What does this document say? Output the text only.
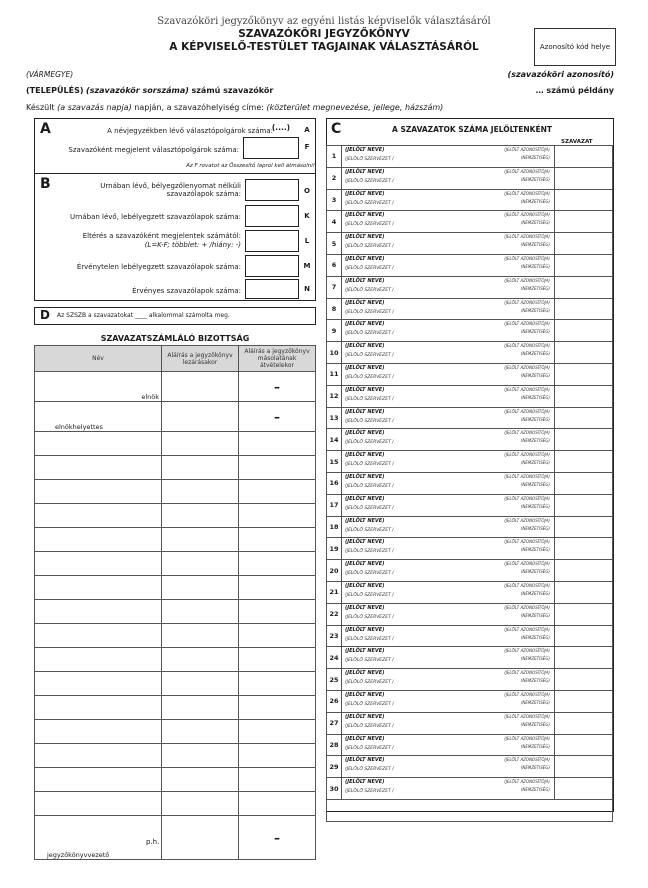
Szavazóköri jegyzőkönyv az egyéni listás képviselők választásáról
SZAVAZÓKÖRI JEGYZŐKÖNYV
A KÉPVISELŐ-TESTÜLET TAGJAINAK VÁLASZTÁSÁRÓL	Azonosító kód helye
(VÁRMEGYE)	(szavazóköri azonosító)
(TELEPÜLÉS) (szavazókör sorszáma) számú szavazókör	… számú példány
Készült (a szavazás napja) napján, a szavazóhelyiség címe: (közterület megnevezése, jellege, házszám)
A	A névjegyzékben lévő választópolgárok száma:
(....)	A
Szavazóként megjelent választópolgárok száma:	F
Az F rovatot az Összesítő lapról kell átmásolni!
B	Urnában lévő, bélyegzőlenyomat nélküli szavazólapok száma:	O
Urnában lévő, lebélyegzett szavazólapok száma:	K
Eltérés a szavazóként megjelentek számától:
(L=K-F; többlet: + /hiány: -)	L
Érvénytelen lebélyegzett szavazólapok száma:	M
Érvényes szavazólapok száma:	N
D Az SZSZB a szavazatokat ____ alkalommal számolta meg.
SZAVAZATSZÁMLÁLÓ BIZOTTSÁG
Név	Aláírás a jegyzőkönyv lezárásakor	Aláírás a jegyzőkönyv másolatának átvételekor
elnök		–
elnökhelyettes		–

jegyzőkönyvvezető		–
p.h.
C	A SZAVAZATOK SZÁMA JELÖLTENKÉNT
SZAVAZAT
1	(JELÖLT NEVE)
(JELÖLŐ SZERVEZET /
(JELÖLT AZONOSÍTÓJA)
(NEMZETISÉG)	

2	(JELÖLT NEVE)
(JELÖLŐ SZERVEZET /
(JELÖLT AZONOSÍTÓJA)
(NEMZETISÉG)	

3	(JELÖLT NEVE)
(JELÖLŐ SZERVEZET /
(JELÖLT AZONOSÍTÓJA)
(NEMZETISÉG)	

4	(JELÖLT NEVE)
(JELÖLŐ SZERVEZET /
(JELÖLT AZONOSÍTÓJA)
(NEMZETISÉG)	

5	(JELÖLT NEVE)
(JELÖLŐ SZERVEZET /
(JELÖLT AZONOSÍTÓJA)
(NEMZETISÉG)	

6	(JELÖLT NEVE)
(JELÖLŐ SZERVEZET /
(JELÖLT AZONOSÍTÓJA)
(NEMZETISÉG)	

7	(JELÖLT NEVE)
(JELÖLŐ SZERVEZET /
(JELÖLT AZONOSÍTÓJA)
(NEMZETISÉG)	

8	(JELÖLT NEVE)
(JELÖLŐ SZERVEZET /
(JELÖLT AZONOSÍTÓJA)
(NEMZETISÉG)	

9	(JELÖLT NEVE)
(JELÖLŐ SZERVEZET /
(JELÖLT AZONOSÍTÓJA)
(NEMZETISÉG)	

10	(JELÖLT NEVE)
(JELÖLŐ SZERVEZET /
(JELÖLT AZONOSÍTÓJA)
(NEMZETISÉG)	

11	(JELÖLT NEVE)
(JELÖLŐ SZERVEZET /
(JELÖLT AZONOSÍTÓJA)
(NEMZETISÉG)	

12	(JELÖLT NEVE)
(JELÖLŐ SZERVEZET /
(JELÖLT AZONOSÍTÓJA)
(NEMZETISÉG)	

13	(JELÖLT NEVE)
(JELÖLŐ SZERVEZET /
(JELÖLT AZONOSÍTÓJA)
(NEMZETISÉG)	

14	(JELÖLT NEVE)
(JELÖLŐ SZERVEZET /
(JELÖLT AZONOSÍTÓJA)
(NEMZETISÉG)	

15	(JELÖLT NEVE)
(JELÖLŐ SZERVEZET /
(JELÖLT AZONOSÍTÓJA)
(NEMZETISÉG)	

16	(JELÖLT NEVE)
(JELÖLŐ SZERVEZET /
(JELÖLT AZONOSÍTÓJA)
(NEMZETISÉG)	

17	(JELÖLT NEVE)
(JELÖLŐ SZERVEZET /
(JELÖLT AZONOSÍTÓJA)
(NEMZETISÉG)	

18	(JELÖLT NEVE)
(JELÖLŐ SZERVEZET /
(JELÖLT AZONOSÍTÓJA)
(NEMZETISÉG)	

19	(JELÖLT NEVE)
(JELÖLŐ SZERVEZET /
(JELÖLT AZONOSÍTÓJA)
(NEMZETISÉG)	

20	(JELÖLT NEVE)
(JELÖLŐ SZERVEZET /
(JELÖLT AZONOSÍTÓJA)
(NEMZETISÉG)	

21	(JELÖLT NEVE)
(JELÖLŐ SZERVEZET /
(JELÖLT AZONOSÍTÓJA)
(NEMZETISÉG)	

22	(JELÖLT NEVE)
(JELÖLŐ SZERVEZET /
(JELÖLT AZONOSÍTÓJA)
(NEMZETISÉG)	

23	(JELÖLT NEVE)
(JELÖLŐ SZERVEZET /
(JELÖLT AZONOSÍTÓJA)
(NEMZETISÉG)	

24	(JELÖLT NEVE)
(JELÖLŐ SZERVEZET /
(JELÖLT AZONOSÍTÓJA)
(NEMZETISÉG)	

25	(JELÖLT NEVE)
(JELÖLŐ SZERVEZET /
(JELÖLT AZONOSÍTÓJA)
(NEMZETISÉG)	

26	(JELÖLT NEVE)
(JELÖLŐ SZERVEZET /
(JELÖLT AZONOSÍTÓJA)
(NEMZETISÉG)	

27	(JELÖLT NEVE)
(JELÖLŐ SZERVEZET /
(JELÖLT AZONOSÍTÓJA)
(NEMZETISÉG)	

28	(JELÖLT NEVE)
(JELÖLŐ SZERVEZET /
(JELÖLT AZONOSÍTÓJA)
(NEMZETISÉG)	

29	(JELÖLT NEVE)
(JELÖLŐ SZERVEZET /
(JELÖLT AZONOSÍTÓJA)
(NEMZETISÉG)	

30	(JELÖLT NEVE)
(JELÖLŐ SZERVEZET /
(JELÖLT AZONOSÍTÓJA)
(NEMZETISÉG)	
